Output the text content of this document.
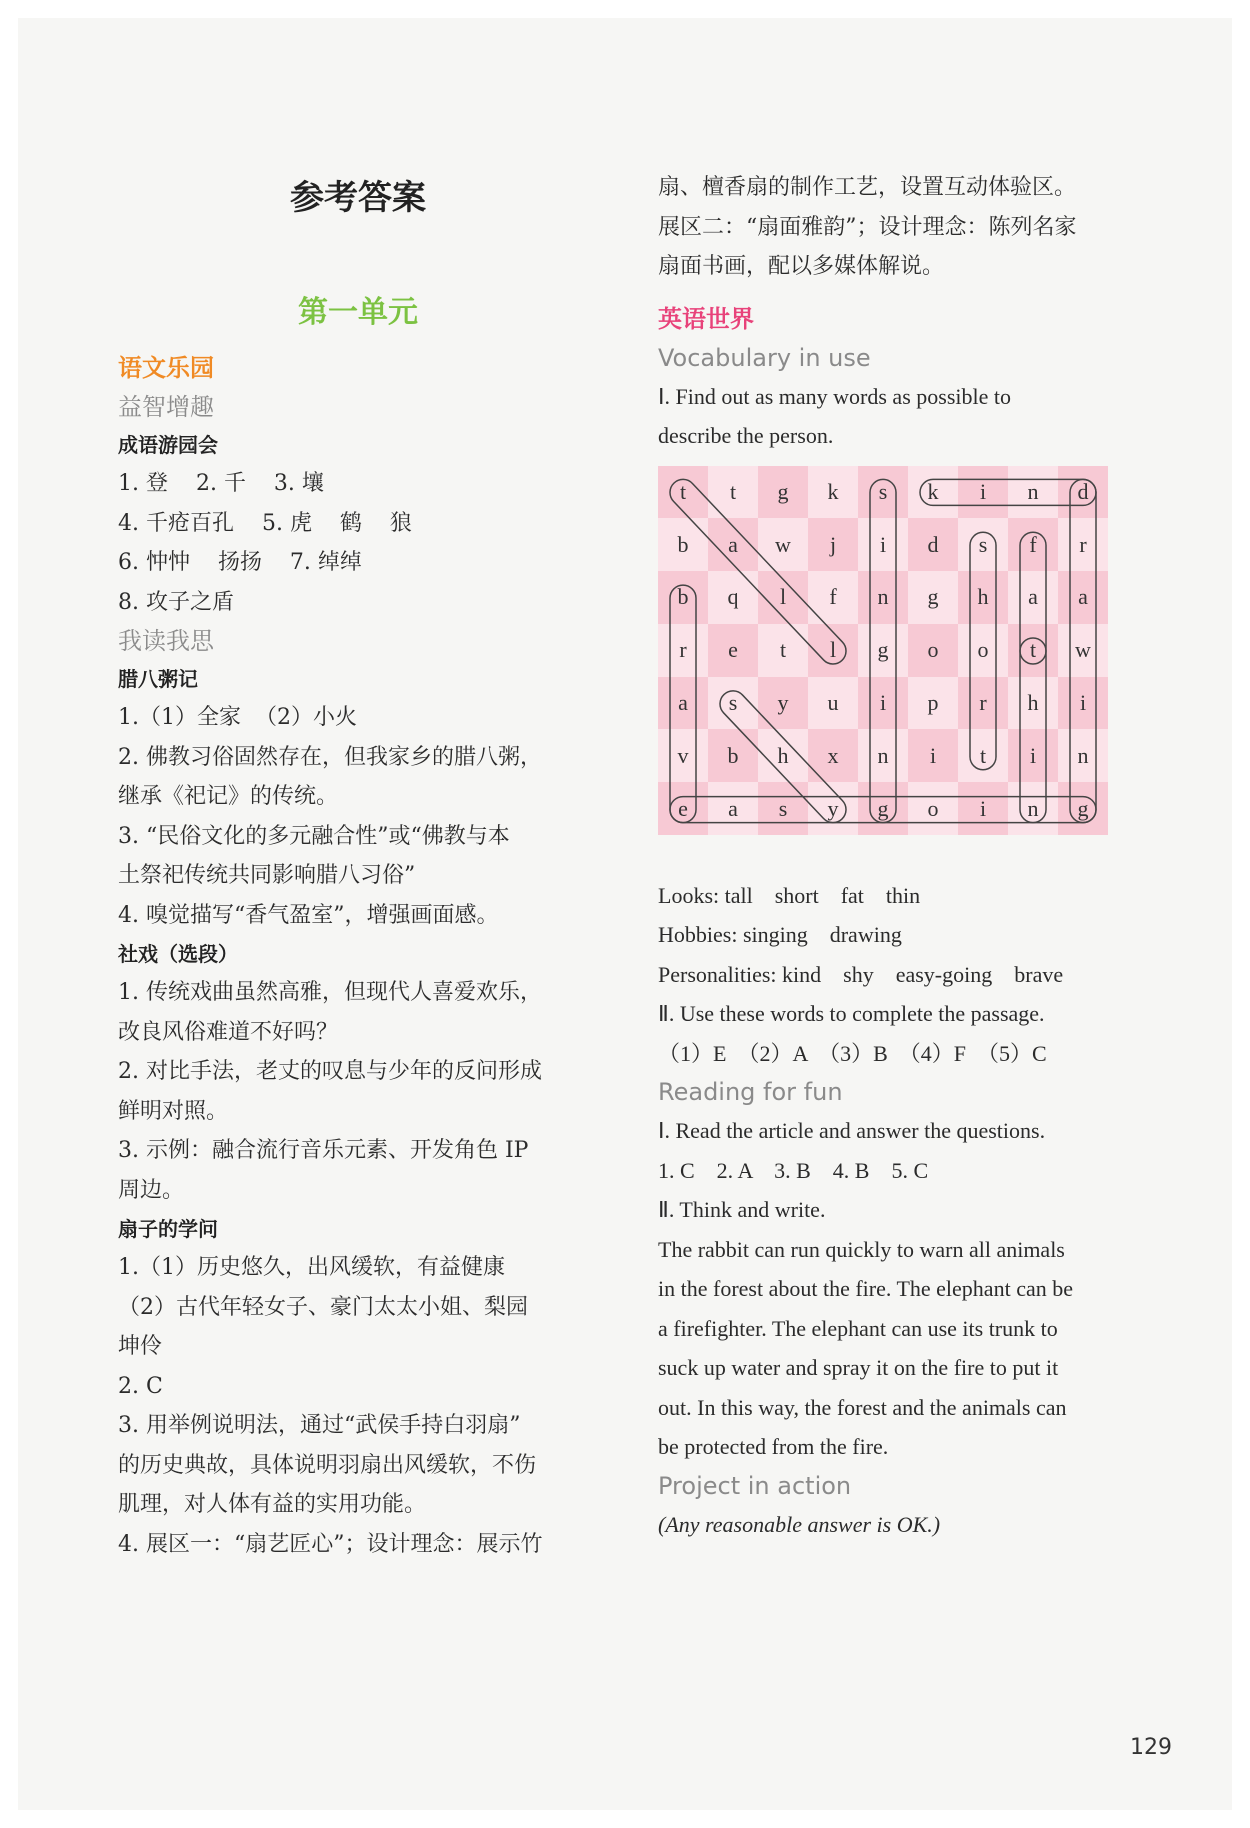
参考答案
第一单元
语文乐园
益智增趣
成语游园会
1. 登    2. 千    3. 壤
4. 千疮百孔    5. 虎    鹤    狼
6. 忡忡    扬扬    7. 绰绰
8. 攻子之盾
我读我思
腊八粥记
1.（1）全家  （2）小火
2. 佛教习俗固然存在，但我家乡的腊八粥，
继承《祀记》的传统。
3. “民俗文化的多元融合性”或“佛教与本
土祭祀传统共同影响腊八习俗”
4. 嗅觉描写“香气盈室”，增强画面感。
社戏（选段）
1. 传统戏曲虽然高雅，但现代人喜爱欢乐，
改良风俗难道不好吗？
2. 对比手法，老丈的叹息与少年的反问形成
鲜明对照。
3. 示例：融合流行音乐元素、开发角色 IP
周边。
扇子的学问
1.（1）历史悠久，出风缓软，有益健康
（2）古代年轻女子、豪门太太小姐、梨园
坤伶
2. C
3. 用举例说明法，通过“武侯手持白羽扇”
的历史典故，具体说明羽扇出风缓软，不伤
肌理，对人体有益的实用功能。
4. 展区一：“扇艺匠心”；设计理念：展示竹
扇、檀香扇的制作工艺，设置互动体验区。
展区二：“扇面雅韵”；设计理念：陈列名家
扇面书画，配以多媒体解说。
英语世界
Vocabulary in use
Ⅰ. Find out as many words as possible to
describe the person.
t	t	g	k	s	k	i	n	d
b	a	w	j	i	d	s	f	r
b	q	l	f	n	g	h	a	a
r	e	t	l	g	o	o	t	w
a	s	y	u	i	p	r	h	i
v	b	h	x	n	i	t	i	n
e	a	s	y	g	o	i	n	g
Looks: tall    short    fat    thin
Hobbies: singing    drawing
Personalities: kind    shy    easy-going    brave
Ⅱ. Use these words to complete the passage.
（1）E  （2）A  （3）B  （4）F  （5）C
Reading for fun
Ⅰ. Read the article and answer the questions.
1. C    2. A    3. B    4. B    5. C
Ⅱ. Think and write.
The rabbit can run quickly to warn all animals
in the forest about the fire. The elephant can be
a firefighter. The elephant can use its trunk to
suck up water and spray it on the fire to put it
out. In this way, the forest and the animals can
be protected from the fire.
Project in action
(Any reasonable answer is OK.)
129
